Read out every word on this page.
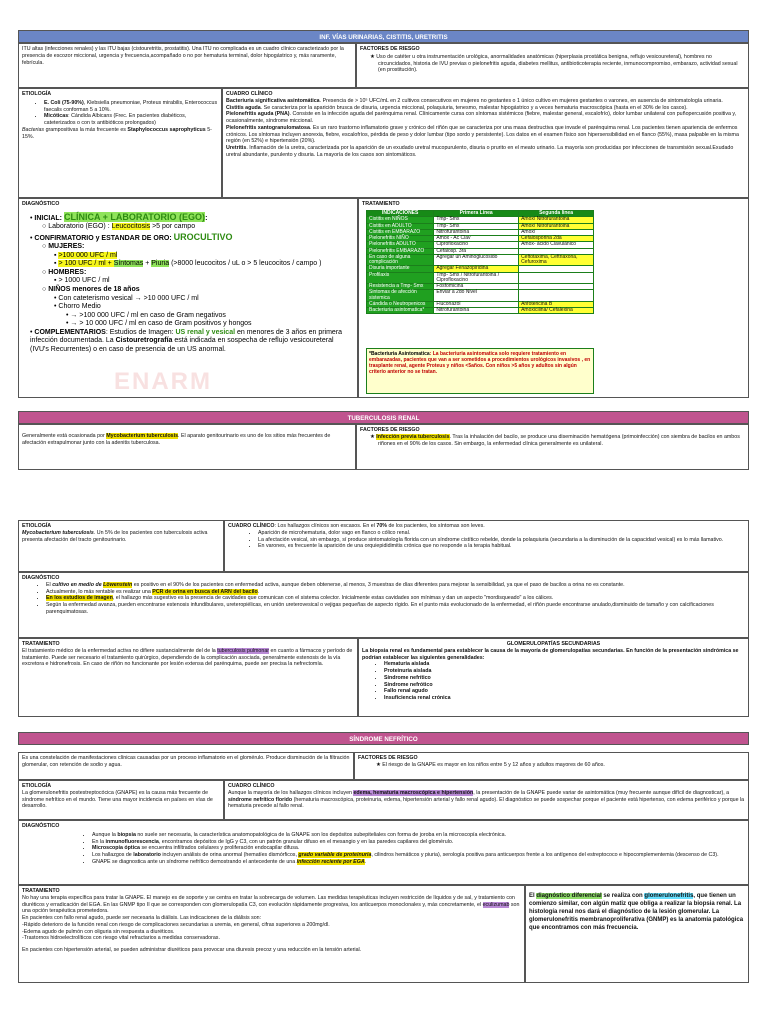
INF. VÍAS URINARIAS, CISTITIS, URETRITIS
ITU altas (infecciones renales) y las ITU bajas (cistouretritis, prostatitis). Una ITU no complicada es un cuadro clínico caracterizado por la presencia de escozor miccional, urgencia y frecuencia,acompañado o no por hematuria terminal, dolor hipogástrico y, más raramente, febrícula.
FACTORES DE RIESGO
★ Uso de catéter u otra instrumentación urológica, anormalidades anatómicas (hiperplasia prostática benigna, reflujo vesicoureteral), hombres no circuncidados, historia de IVU previas o pielonefritis aguda, diabetes mellitus, antibioticoterapia reciente, inmunocompromiso, embarazo, actividad sexual (en prostitución).
ETIOLOGÍA
• E. Coli (75-90%), Klebsiella pneumoniae, Proteus mirabilis, Enterococcus faecalis conforman 5 a 10%.
• Micóticas: Cándida Albicans (Frec. En pacientes diabéticos, cateterizados o con tx antibióticos prolongados)
Bacterias grampositivas la más frecuente es Staphylococcus saprophyticus 5-15%.
CUADRO CLÍNICO
Bacteriuria significativa asintomática. Presencia de > 10⁵ UFC/mL en 2 cultivos consecutivos en mujeres no gestantes o 1 único cultivo en mujeres gestantes o varones, en ausencia de sintomatología urinaria.
Cistitis aguda. Se caracteriza por la aparición brusca de disuria, urgencia miccional, polaquiuria, tenesmo, malestar hipogástrico y a veces hematuria macroscópica (hasta en el 30% de los casos).
Pielonefritis aguda (PNA). Consiste en la infección aguda del parénquima renal. Clínicamente cursa con síntomas sistémicos (fiebre, malestar general, escalofrío), dolor lumbar unilateral con puñopercusión positiva y, ocasionalmente, síndrome miccional.
Pielonefritis xantogranulomatosa. Es un raro trastorno inflamatorio grave y crónico del riñón que se caracteriza por una masa destructiva que invade el parénquima renal. Los pacientes tienen apariencia de enfermos crónicos. Los síntomas incluyen anorexia, fiebre, escalofríos, pérdida de peso y dolor lumbar (tipo sordo y persistente). Los datos en el examen físico son hipersensibilidad en el flanco (55%), masa palpable en la misma región (en 52%) e hipertensión (20%).
Uretritis. Inflamación de la uretra, caracterizada por la aparición de un exudado uretral mucopurulento, disuria o prurito en el meato urinario. La mayoría son producidas por infecciones de transmisión sexual.Exudado uretral abundante, purulento y disuria. La mayoría de los casos son sintomáticos.
DIAGNÓSTICO
• INICIAL: CLÍNICA + LABORATORIO (EGO):
○ Laboratorio (EGO) : Leucocitosis >5 por campo
• CONFIRMATORIO y ESTANDAR DE ORO: UROCULTIVO
○ MUJERES:
▪ >100 000 UFC / ml
▪ > 100 UFC / ml + Síntomas + Piuria (>8000 leucocitos / uL o > 5 leucocitos / campo )
○ HOMBRES:
▪ > 1000 UFC / ml
○ NIÑOS menores de 18 años
• Con cateterismo vesical → >10 000 UFC / ml
• Chorro Medio
• → >100 000 UFC / ml en caso de Gram negativos
• → > 10 000 UFC / ml en caso de Gram positivos y hongos
• COMPLEMENTARIOS: Estudios de Imagen: US renal y vesical en menores de 3 años en primera infección documentada. La Cistouretrografía está indicada en sospecha de reflujo vesicoureteral (IVU's Recurrentes) o en caso de presencia de un US anormal.
ENARM
TRATAMIENTO
INDICACIONES	Primera Linea	Segunda linea
Cistitis en NIÑOS	Tmp- Smx	Amox/ Nitrofurantoina
Cistitis en ADULTO	Tmp- Smx	Amox/ Nitrofurantoina
Cistitis en EMBARAZO	Nitrofurantoina	Amox/
Pielonefritis NIÑO	Amox - Ac Clav	Cefalosporina 2da
Pielonefritis ADULTO	Ciprofloxacino	Amox- ácido Clavulánico
Pielonefritis EMBARAZO	Cefalosp. 3ra	
En caso de alguna complicación	Agregar un Aminoglucosido	Ceftotaxima, Ceftriaxona, Cefuroxima
Disuria importante	Agregar Fenazopiridina	
Profilaxis	Tmp- Smx / Nitrofurantoina / Ciprofloxacino	
Resistencia a Tmp- Smx	Fosfomicina	
Sintomas de afección sistemica	Enviar a 2do Nivel	
Cándida o Neutropenicos	Fluconazol	Anfotericina B
Bacteriuria asintomatica*	Nitrofurantoina	Amoxicilina/ Cefalexina
*Bacteriuria Asintomatica: La bacteriuria asintomatica solo requiere tratamiento en embarazadas, pacientes que van a ser sometidos a procedimientos urológicos invasivos , en trasplante renal, agente Proteus y niños <5años. Con niños >5 años y adultos sin algún criterio anterior no se tratan.
TUBERCULOSIS RENAL
Generalmente está ocasionada por Mycobacterium tuberculosis. El aparato genitourinario es uno de los sitios más frecuentes de afectación extrapulmonar junto con la adenitis tuberculosa.
FACTORES DE RIESGO
★ Infección previa tuberculosis. Tras la inhalación del bacilo, se produce una diseminación hematógena (primoinfección) con siembra de bacilos en ambos riñones en el 90% de los casos. Sin embargo, la enfermedad clínica generalmente es unilateral.
ETIOLOGÍA
Mycobacterium tuberculosis. Un 5% de los pacientes con tuberculosis activa presenta afectación del tracto genitourinario.
CUADRO CLÍNICO: Los hallazgos clínicos son escasos. En el 70% de los pacientes, los síntomas son leves.
• Aparición de microhematuria, dolor vago en flanco o cólico renal.
• La afectación vesical, sin embargo, sí produce sintomatología florida con un síndrome cistítico rebelde, donde la polaquiuria (secundaria a la disminución de la capacidad vesical) es lo más llamativo.
• En varones, es frecuente la aparición de una orquiepididimitis crónica que no responde a la terapia habitual.
DIAGNÓSTICO
• El cultivo en medio de Löwenstein es positivo en el 90% de los pacientes con enfermedad activa, aunque deben obtenerse, al menos, 3 muestras de días diferentes para mejorar la sensibilidad, ya que el paso de bacilos a orina no es constante.
• Actualmente, lo más rentable es realizar una PCR de orina en busca del ARN del bacilo.
• En los estudios de imagen, el hallazgo más sugestivo es la presencia de cavidades que comunican con el sistema colector. Inicialmente estas cavidades son mínimas y dan un aspecto "mordisqueado" a los cálices.
• Según la enfermedad avanza, pueden encontrarse estenosis infundibulares, ureteropiélicas, en unión ureterovesical o vejigas pequeñas de aspecto rígido. En el punto más evolucionado de la enfermedad, el riñón puede encontrarse anulado,disminuido de tamaño y con calcificaciones parenquimatosas.
TRATAMIENTO
El tratamiento médico de la enfermedad activa no difiere sustancialmente del de la tuberculosis pulmonar en cuanto a fármacos y período de tratamiento. Puede ser necesario el tratamiento quirúrgico, dependiendo de la complicación asociada, generalmente estenosis de la vía excretora e hidronefrosis. En caso de riñón no funcionante por lesión extensa del parénquima, puede ser precisa la nefrectomía.
GLOMERULOPATÍAS SECUNDARIAS
La biopsia renal es fundamental para establecer la causa de la mayoría de glomerulopatías secundarias. En función de la presentación sindrómica se podrían establecer las siguientes generalidades:
• Hematuria aislada
• Proteinuria aislada
• Síndrome nefrítico
• Síndrome nefrótico
• Fallo renal agudo
• Insuficiencia renal crónica
SÍNDROME NEFRÍTICO
Es una constelación de manifestaciones clínicas causadas por un proceso inflamatorio en el glomérulo. Produce disminución de la filtración glomerular, con retención de sodio y agua.
FACTORES DE RIESGO
★ El riesgo de la GNAPE es mayor en los niños entre 5 y 12 años y adultos mayores de 60 años.
ETIOLOGÍA
La glomerulonefritis postestreptocócica (GNAPE) es la causa más frecuente de síndrome nefrítico en el mundo. Tiene una mayor incidencia en países en vías de desarrollo.
CUADRO CLÍNICO
Aunque la mayoría de los hallazgos clínicos incluyen edema, hematuria macroscópica e hipertensión, la presentación de la GNAPE puede variar de asintomática (muy frecuente aunque difícil de diagnosticar), a síndrome nefrítico florido (hematuria macroscópica, proteinuria, edema, hipertensión arterial y fallo renal agudo). El diagnóstico se puede sospechar porque el paciente está hipertenso, con edema periférico y porque la hematuria precede al fallo renal.
DIAGNÓSTICO
• Aunque la biopsia no suele ser necesaria, la característica anatomopatológica de la GNAPE son los depósitos subepiteliales con forma de joroba en la microscopía electrónica.
• En la inmunofluorescencia, encontramos depósitos de IgG y C3, con un patrón granular difuso en el mesangio y en las paredes capilares del glomérulo.
• Microscopía óptica se encuentra infiltrados celulares y proliferación endocapilar difusa.
• Los hallazgos de laboratorio incluyen análisis de orina anormal (hematíes dismórficos, grado variable de proteinuria, cilindros hemáticos y piuria), serología positiva para anticuerpos frente a los antígenos del estreptococo e hipocomplementemia (descenso de C3).
• GNAPE se diagnostica ante un síndrome nefrítico demostrando el antecedente de una infección reciente por EGA.
TRATAMIENTO
No hay una terapia específica para tratar la GNAPE. El manejo es de soporte y se centra en tratar la sobrecarga de volumen. Las medidas terapéuticas incluyen restricción de líquidos y de sal, y tratamiento con diuréticos y erradicación del EGA. En las GNMP tipo II que se corresponden con glomerulopatía C3, con evolución rápidamente progresiva, los anticuerpos monoclonales y, más concretamente, el eculizumab son una opción terapéutica prometedora.
En pacientes con fallo renal agudo, puede ser necesaria la diálisis. Las indicaciones de la diálisis son:
-Rápido deterioro de la función renal con riesgo de complicaciones secundarias a uremia, en general, cifras superiores a 200mg/dl.
-Edema agudo de pulmón con oliguria sin respuesta a diuréticos.
-Trastornos hidroelectrolíticos con riesgo vital refractarios a medidas conservadoras.
En pacientes con hipertensión arterial, se pueden administrar diuréticos para provocar una diuresis precoz y una reducción en la tensión arterial.
El diagnóstico diferencial se realiza con glomerulonefritis, que tienen un comienzo similar, con algún matiz que obliga a realizar la biopsia renal. La histología renal nos dará el diagnóstico de la lesión glomerular. La glomerulonefritis membranoproliferativa (GNMP) es la anatomía patológica que encontramos con más frecuencia.
